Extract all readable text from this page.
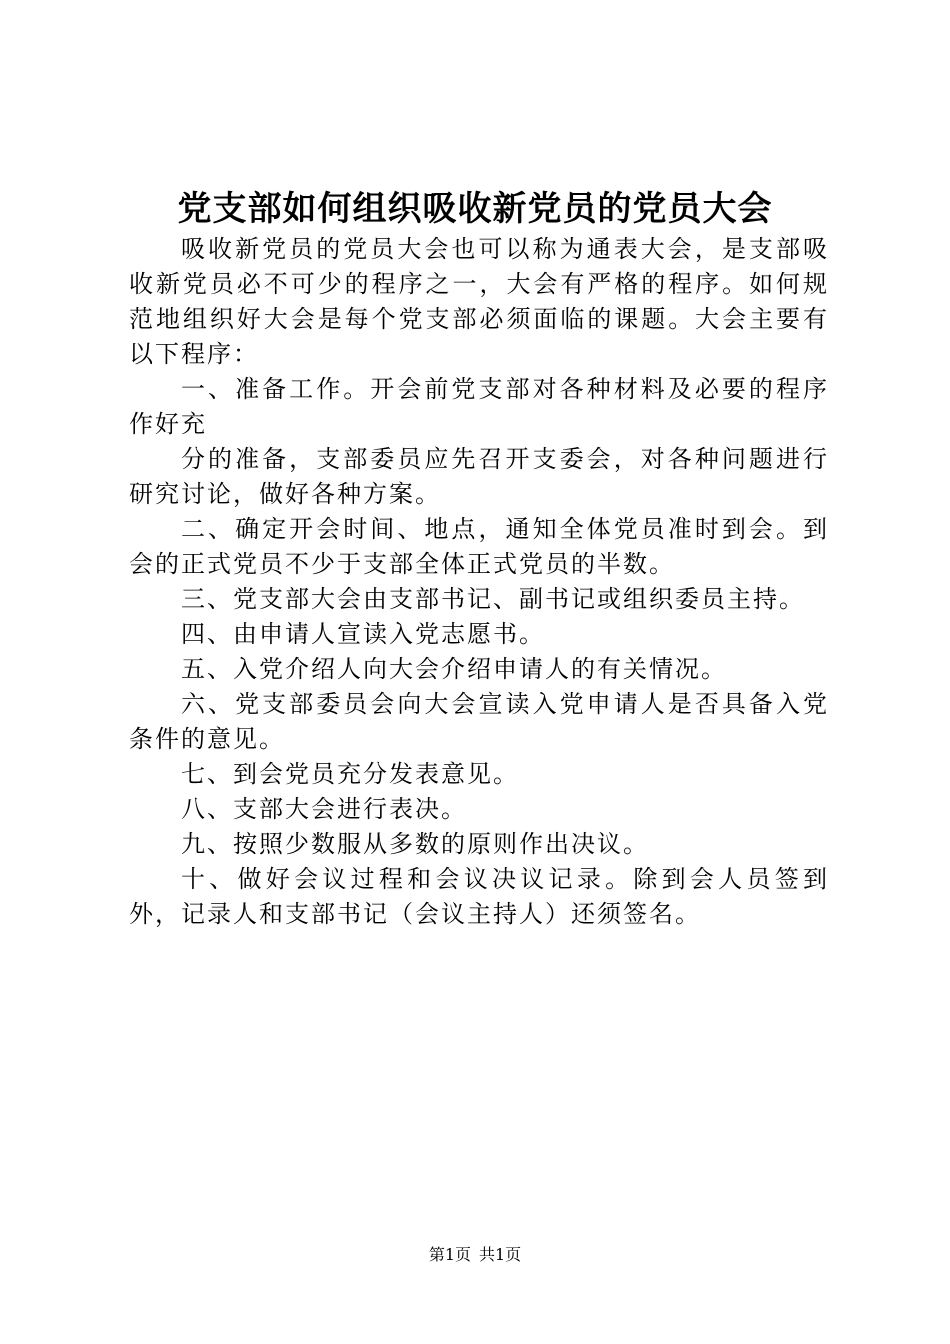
党支部如何组织吸收新党员的党员大会

吸收新党员的党员大会也可以称为通表大会，是支部吸收新党员必不可少的程序之一，大会有严格的程序。如何规范地组织好大会是每个党支部必须面临的课题。大会主要有以下程序：

一、准备工作。开会前党支部对各种材料及必要的程序作好充

分的准备，支部委员应先召开支委会，对各种问题进行研究讨论，做好各种方案。

二、确定开会时间、地点，通知全体党员准时到会。到会的正式党员不少于支部全体正式党员的半数。

三、党支部大会由支部书记、副书记或组织委员主持。

四、由申请人宣读入党志愿书。

五、入党介绍人向大会介绍申请人的有关情况。

六、党支部委员会向大会宣读入党申请人是否具备入党条件的意见。

七、到会党员充分发表意见。

八、支部大会进行表决。

九、按照少数服从多数的原则作出决议。

十、做好会议过程和会议决议记录。除到会人员签到外，记录人和支部书记（会议主持人）还须签名。

第1页 共1页
